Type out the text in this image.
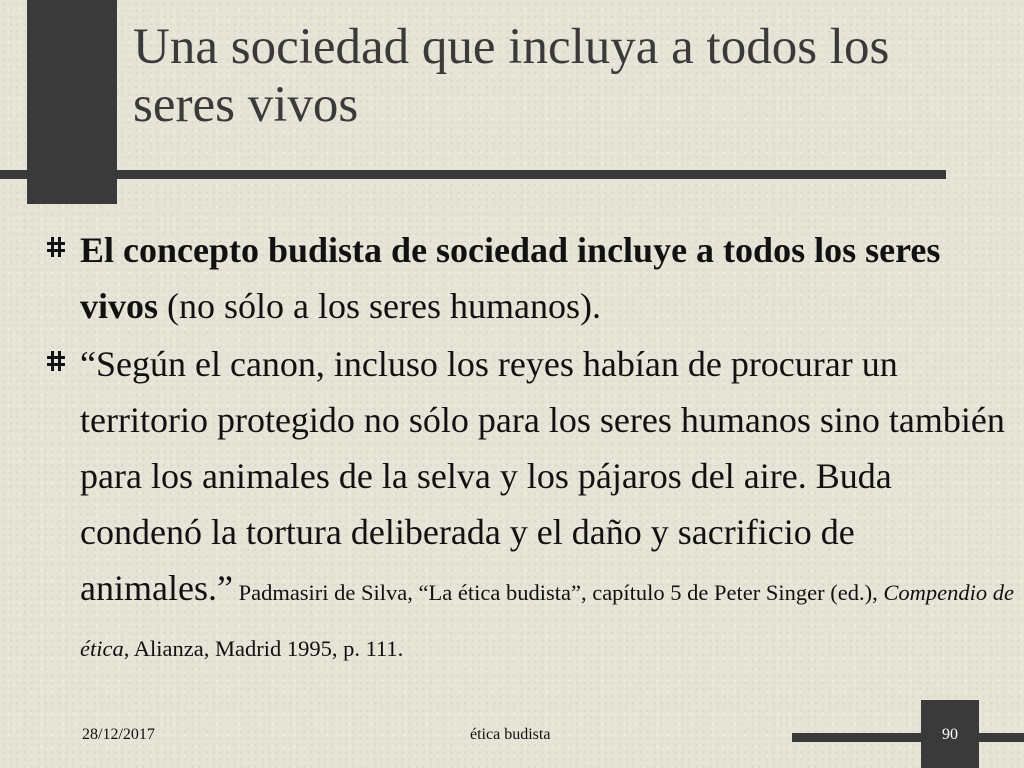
Una sociedad que incluya a todos los seres vivos

El concepto budista de sociedad incluye a todos los seres vivos (no sólo a los seres humanos).

“Según el canon, incluso los reyes habían de procurar un territorio protegido no sólo para los seres humanos sino también para los animales de la selva y los pájaros del aire. Buda condenó la tortura deliberada y el daño y sacrificio de animales.” Padmasiri de Silva, “La ética budista”, capítulo 5 de Peter Singer (ed.), Compendio de ética, Alianza, Madrid 1995, p. 111.

28/12/2017	ética budista	90
